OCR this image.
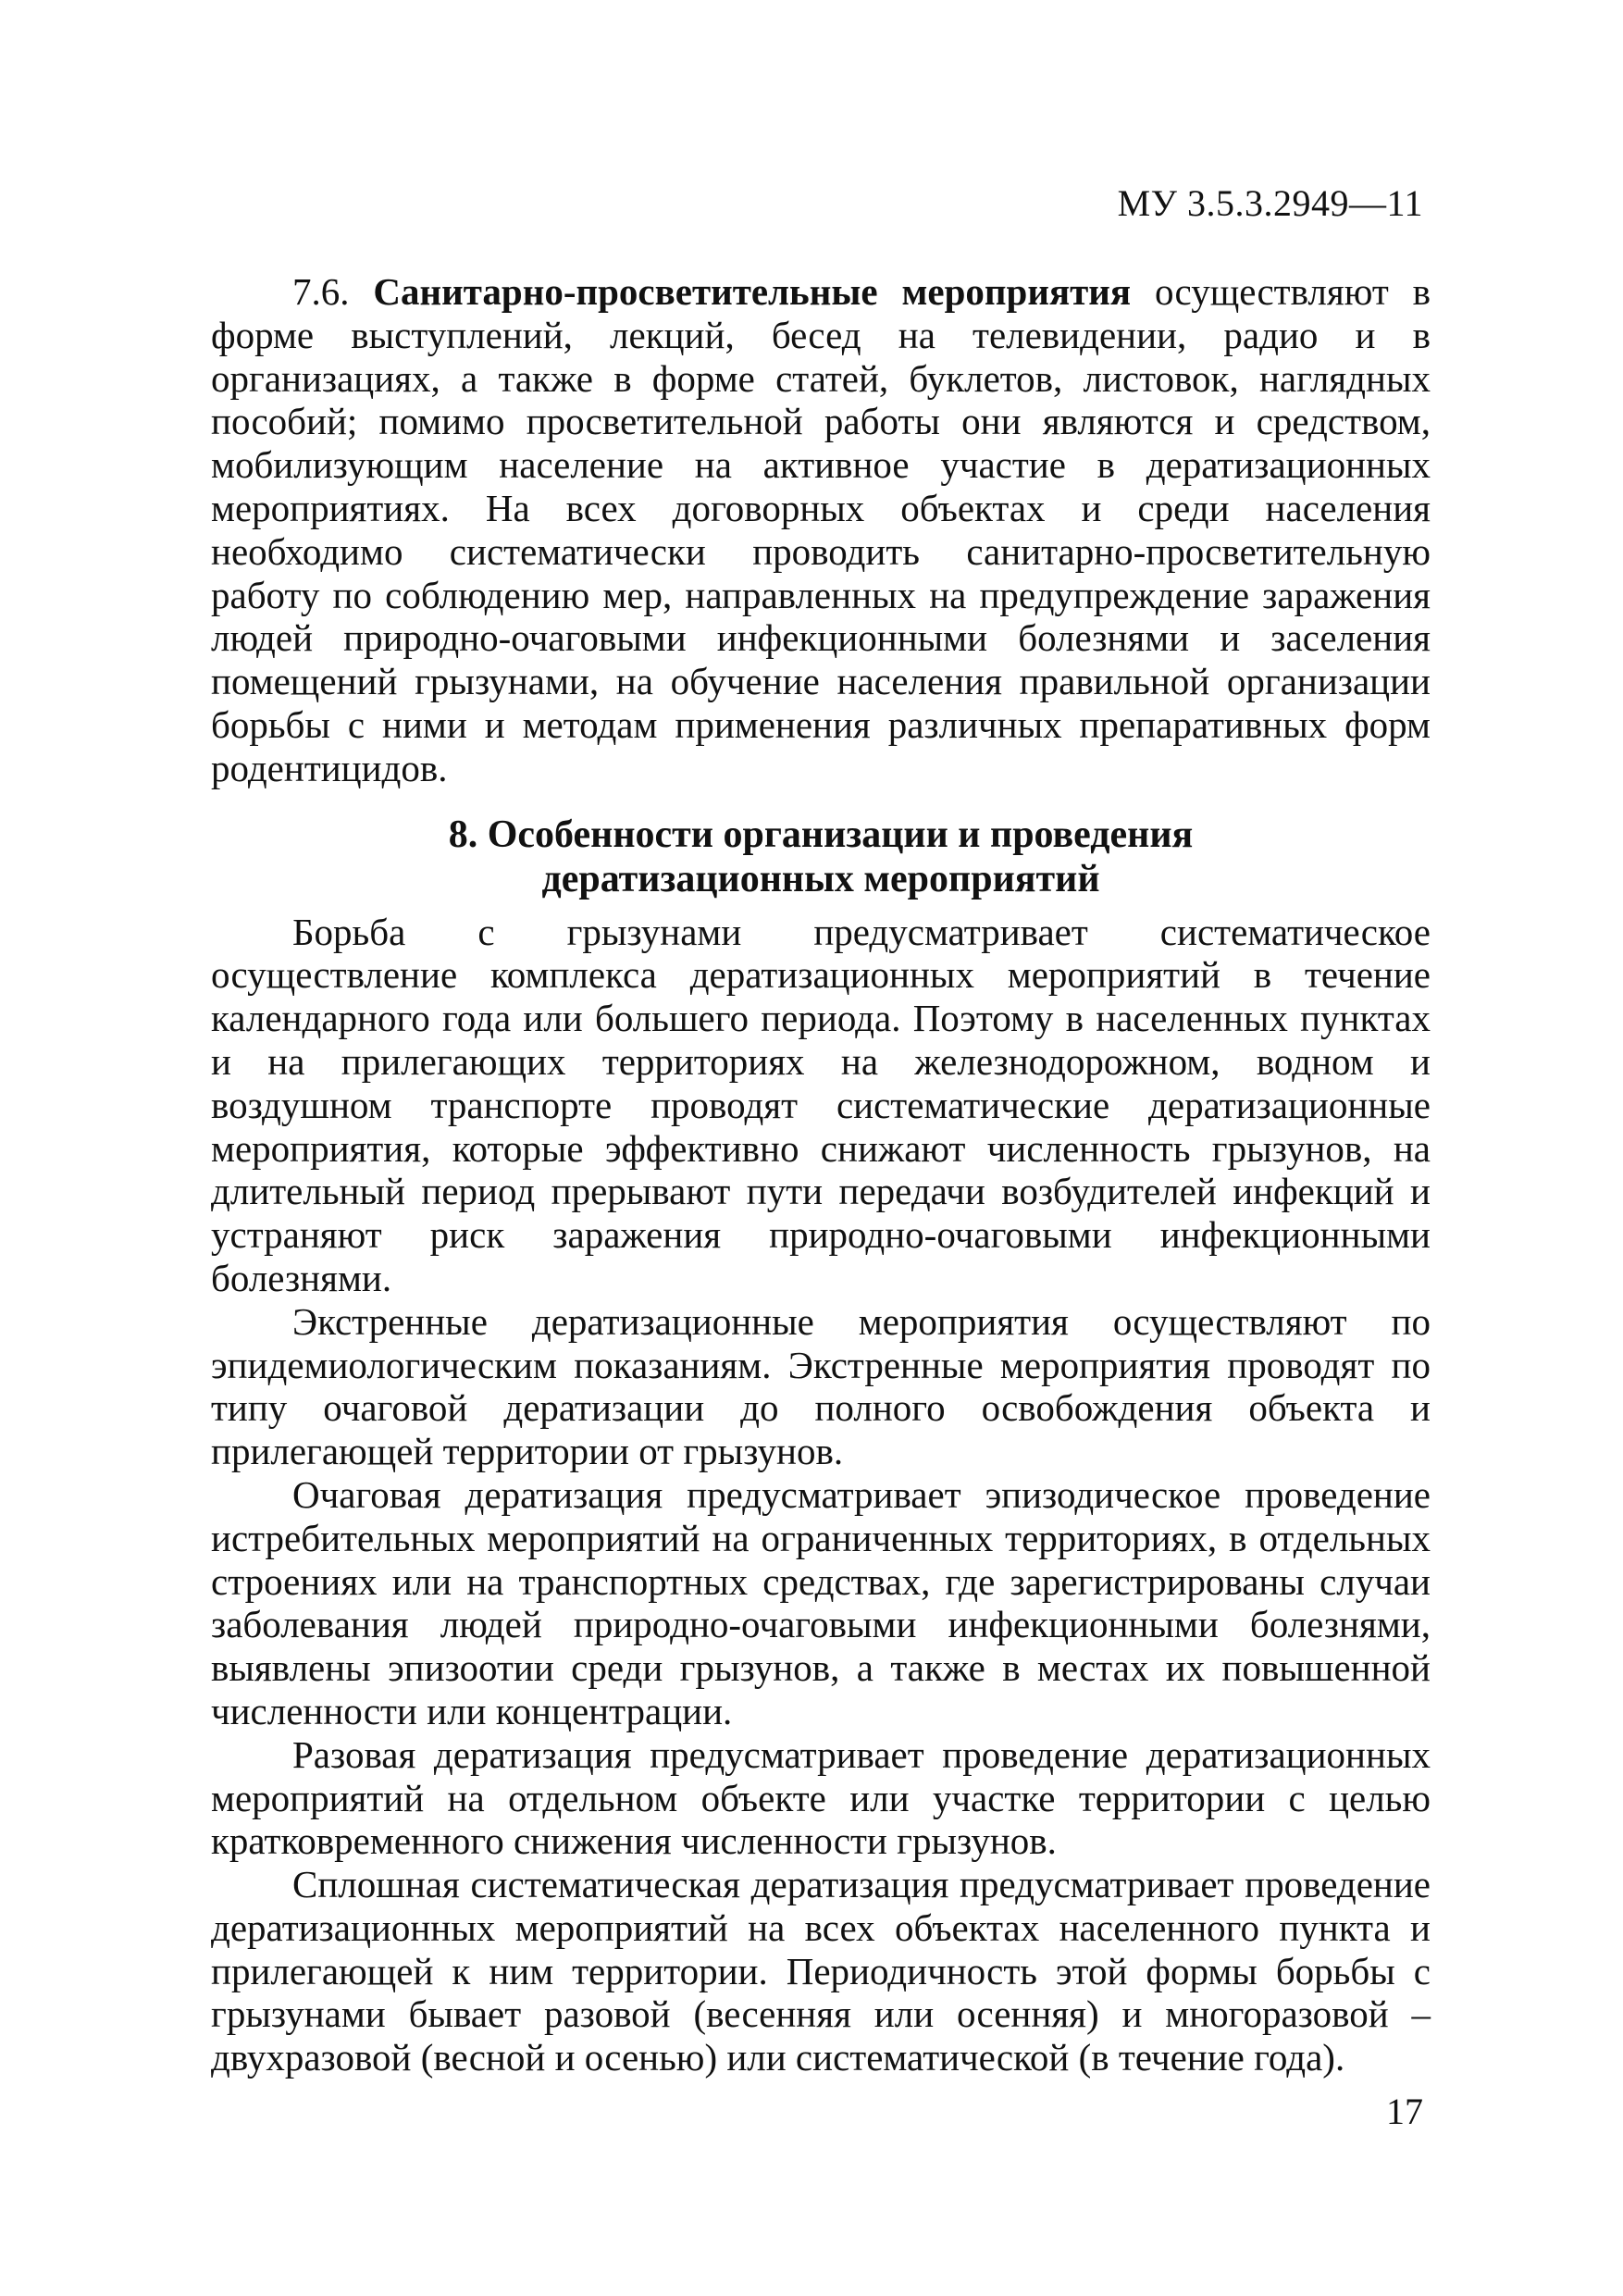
МУ 3.5.3.2949—11

7.6. Санитарно-просветительные мероприятия осуществляют в форме выступлений, лекций, бесед на телевидении, радио и в организациях, а также в форме статей, буклетов, листовок, наглядных пособий; помимо просветительной работы они являются и средством, мобилизующим население на активное участие в дератизационных мероприятиях. На всех договорных объектах и среди населения необходимо систематически проводить санитарно-просветительную работу по соблюдению мер, направленных на предупреждение заражения людей природно-очаговыми инфекционными болезнями и заселения помещений грызунами, на обучение населения правильной организации борьбы с ними и методам применения различных препаративных форм родентицидов.

8. Особенности организации и проведения
дератизационных мероприятий

Борьба с грызунами предусматривает систематическое осуществление комплекса дератизационных мероприятий в течение календарного года или большего периода. Поэтому в населенных пунктах и на прилегающих территориях на железнодорожном, водном и воздушном транспорте проводят систематические дератизационные мероприятия, которые эффективно снижают численность грызунов, на длительный период прерывают пути передачи возбудителей инфекций и устраняют риск заражения природно-очаговыми инфекционными болезнями.

Экстренные дератизационные мероприятия осуществляют по эпидемиологическим показаниям. Экстренные мероприятия проводят по типу очаговой дератизации до полного освобождения объекта и прилегающей территории от грызунов.

Очаговая дератизация предусматривает эпизодическое проведение истребительных мероприятий на ограниченных территориях, в отдельных строениях или на транспортных средствах, где зарегистрированы случаи заболевания людей природно-очаговыми инфекционными болезнями, выявлены эпизоотии среди грызунов, а также в местах их повышенной численности или концентрации.

Разовая дератизация предусматривает проведение дератизационных мероприятий на отдельном объекте или участке территории с целью кратковременного снижения численности грызунов.

Сплошная систематическая дератизация предусматривает проведение дератизационных мероприятий на всех объектах населенного пункта и прилегающей к ним территории. Периодичность этой формы борьбы с грызунами бывает разовой (весенняя или осенняя) и многоразовой – двухразовой (весной и осенью) или систематической (в течение года).

17
